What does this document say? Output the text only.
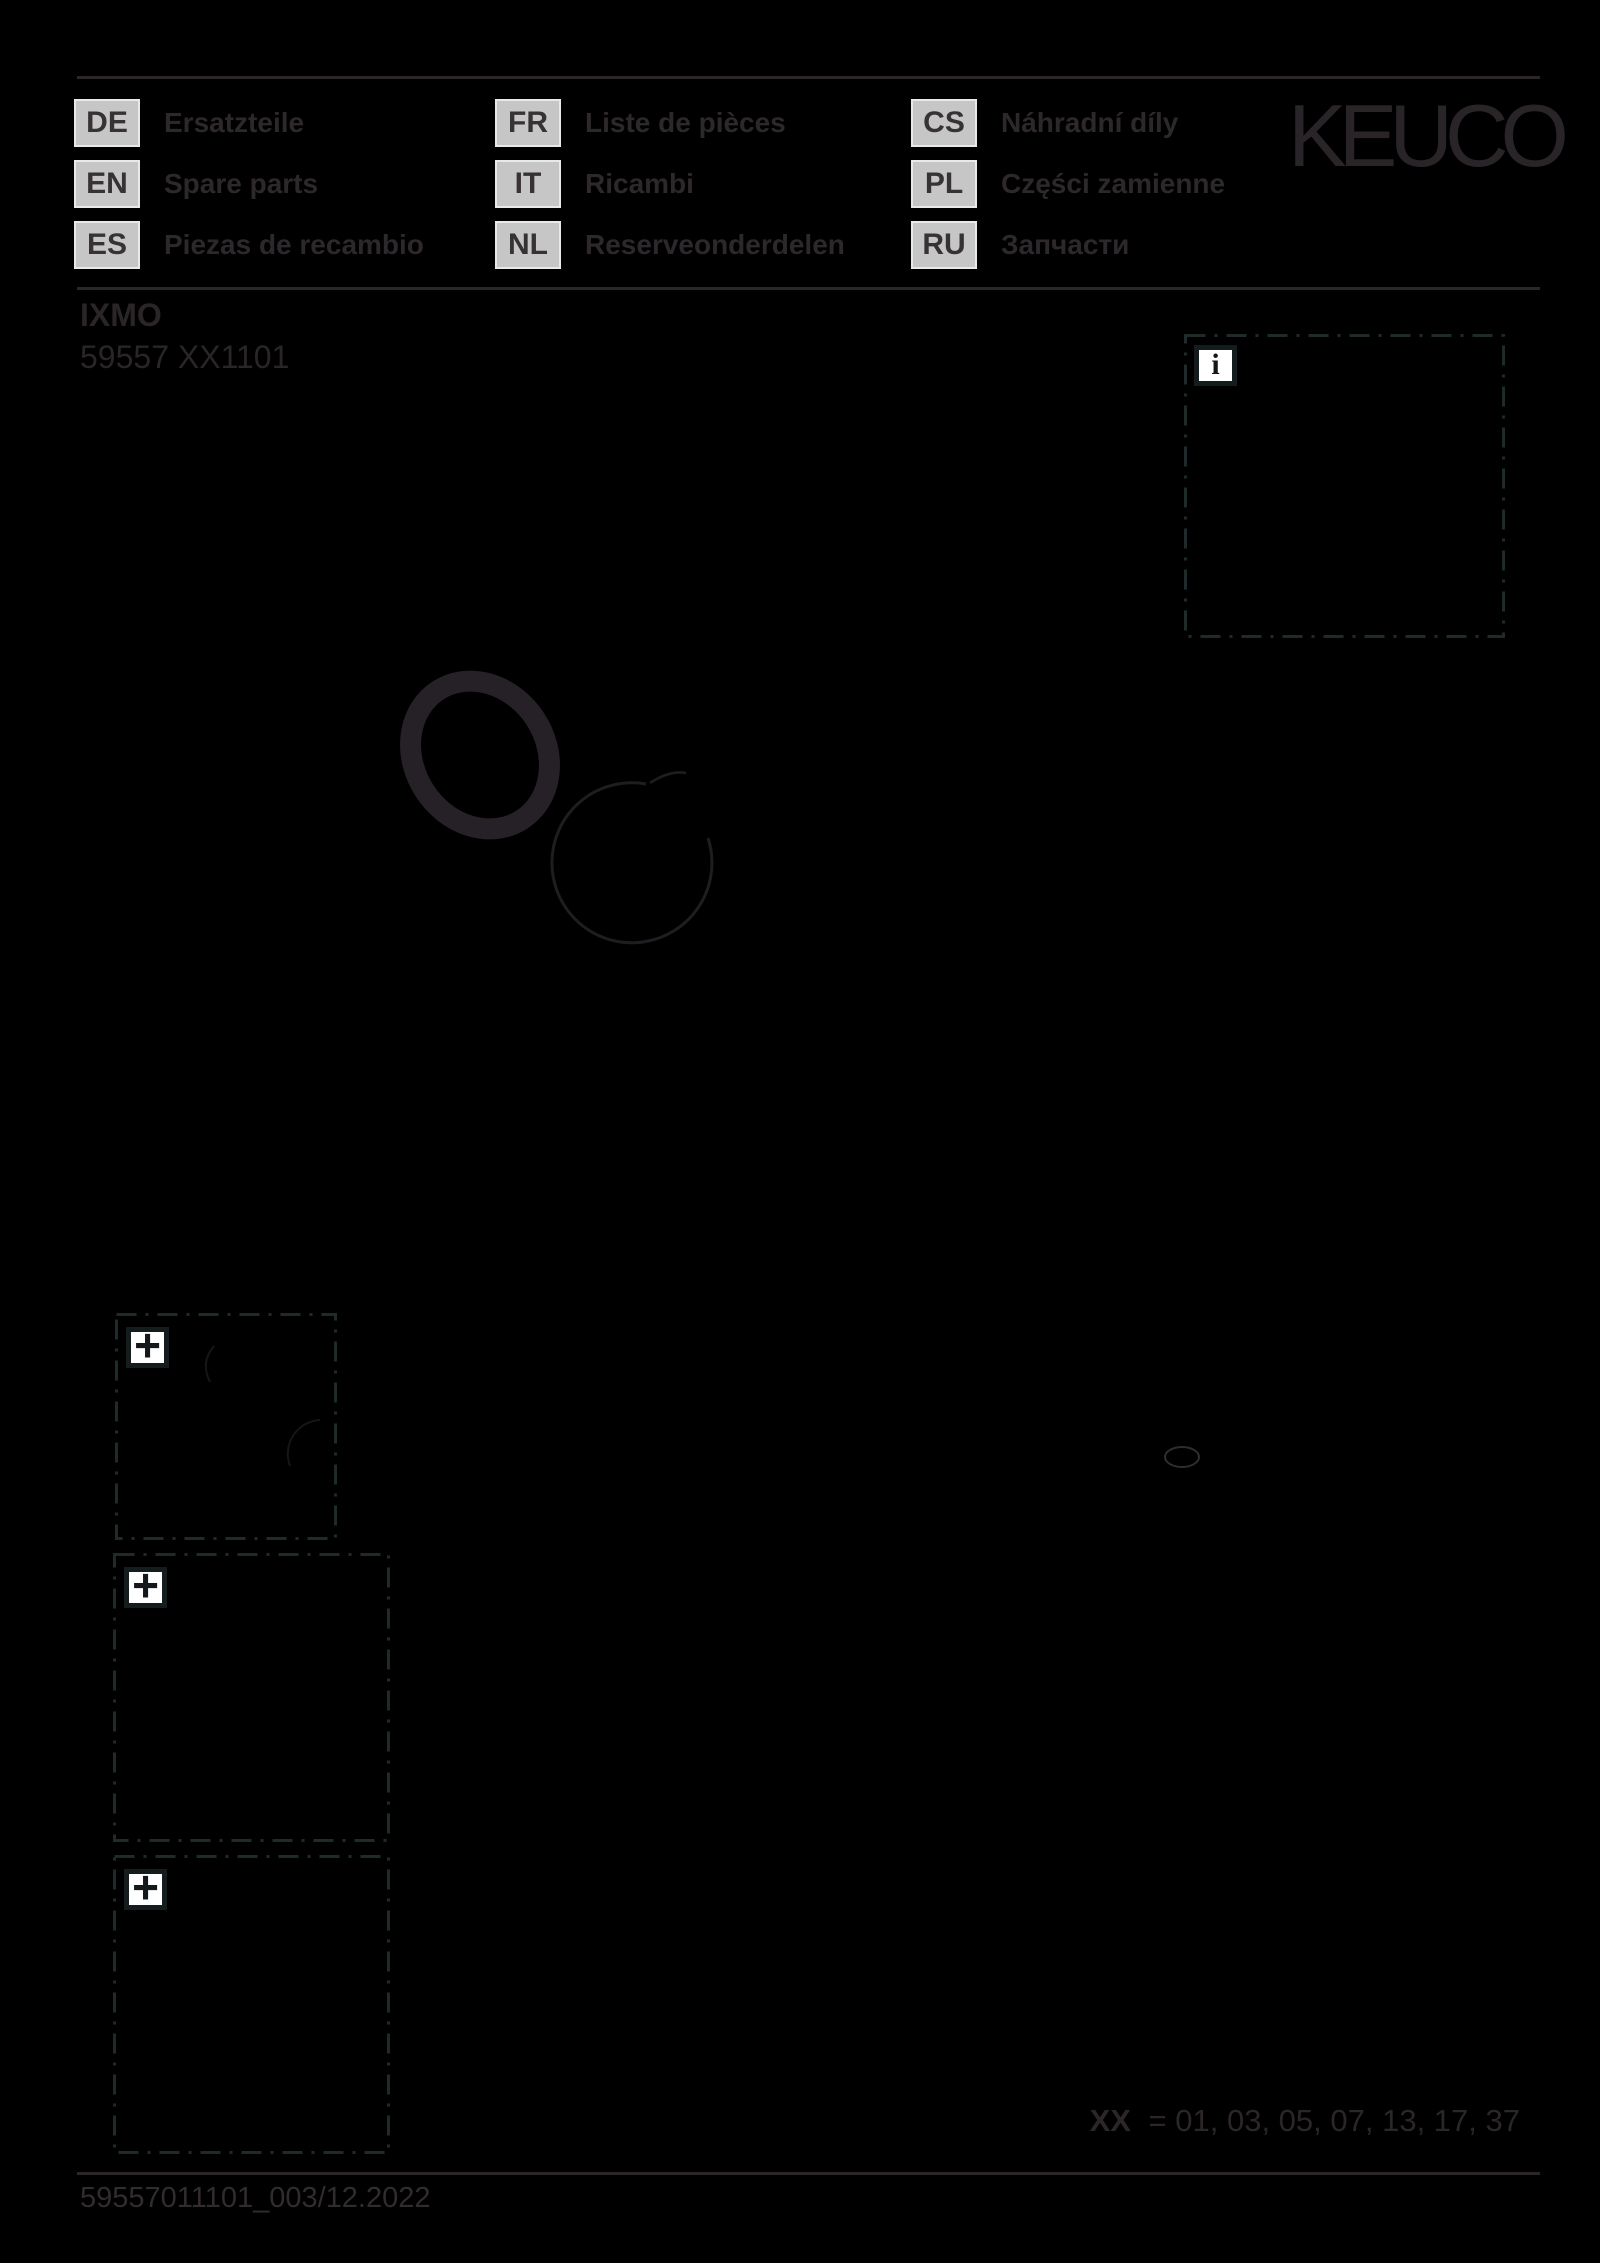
DE	Ersatzteile
EN	Spare parts
ES	Piezas de recambio
FR	Liste de pièces
IT	Ricambi
NL	Reserveonderdelen
CS	Náhradní díly
PL	Części zamienne
RU	Запчасти
KEUCO
IXMO
59557 XX1101	i
+
+
+
XX = 01, 03, 05, 07, 13, 17, 37
59557011101_003/12.2022
